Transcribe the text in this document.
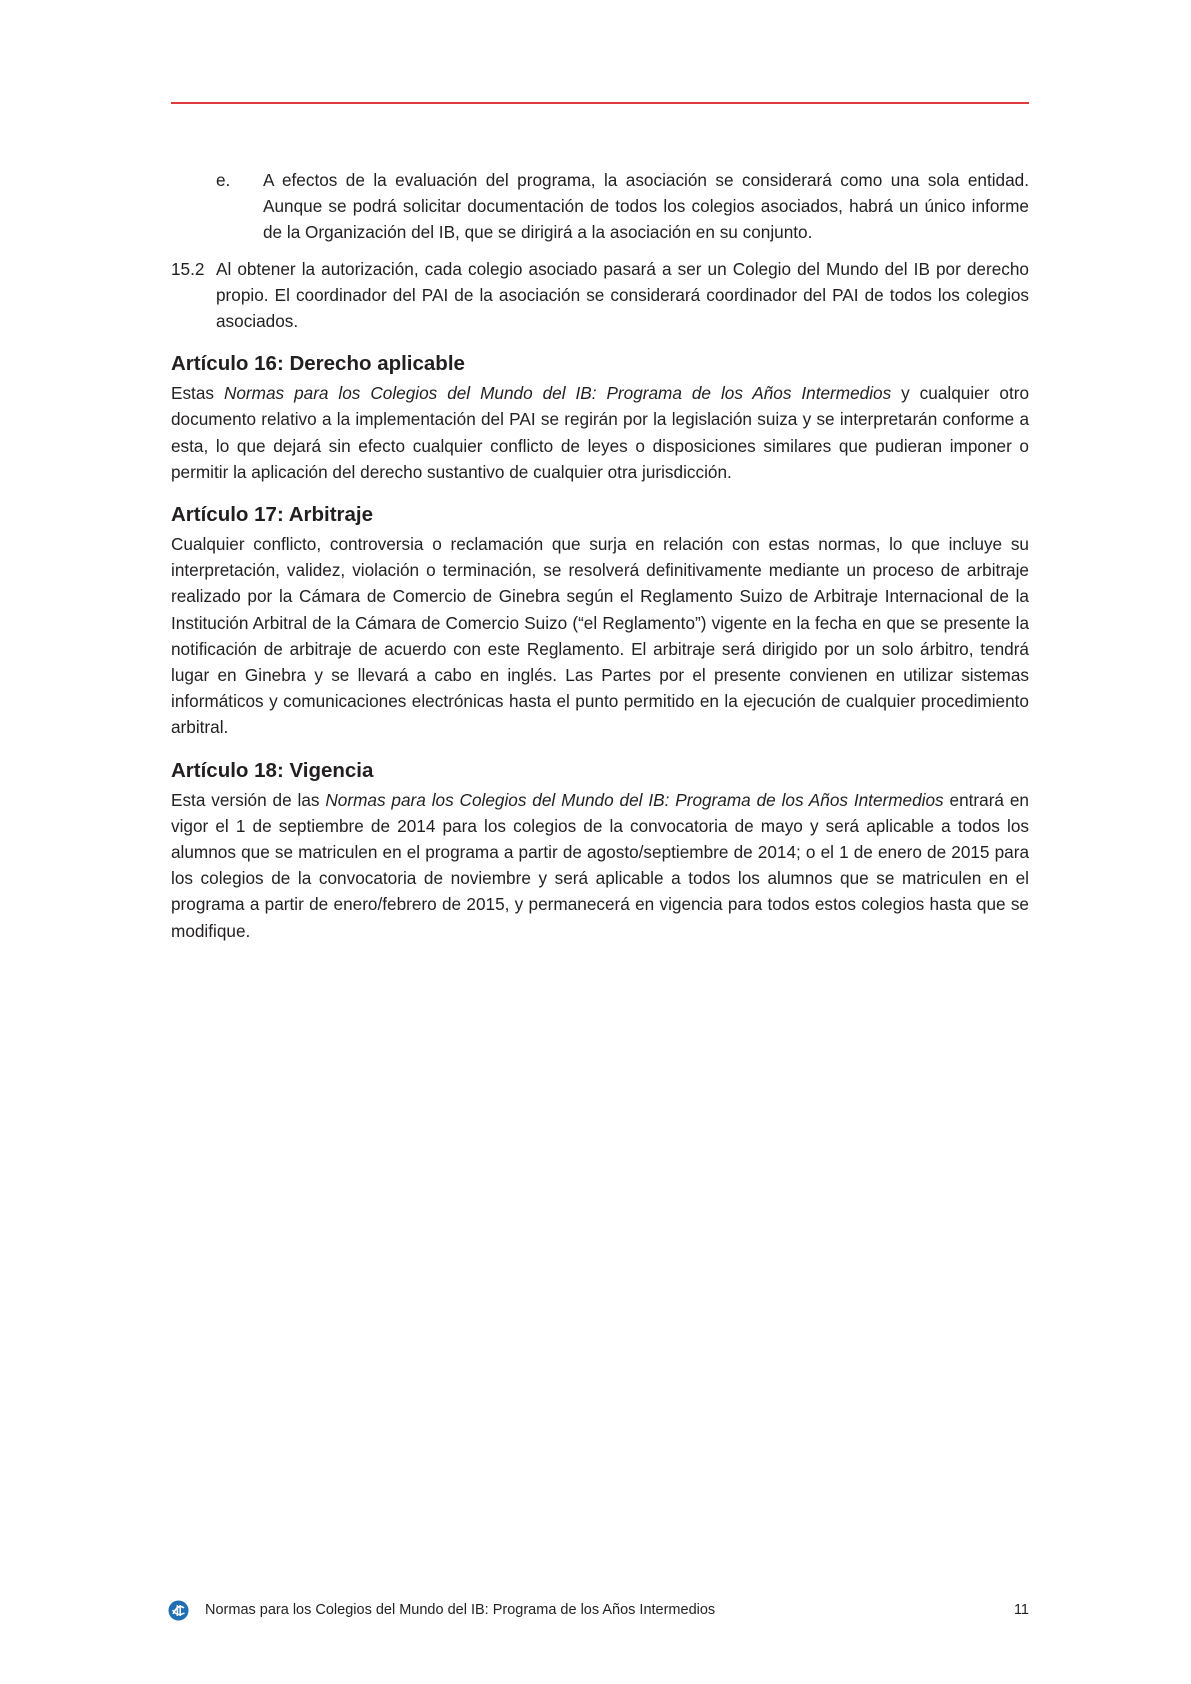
e.	A efectos de la evaluación del programa, la asociación se considerará como una sola entidad. Aunque se podrá solicitar documentación de todos los colegios asociados, habrá un único informe de la Organización del IB, que se dirigirá a la asociación en su conjunto.
15.2 Al obtener la autorización, cada colegio asociado pasará a ser un Colegio del Mundo del IB por derecho propio. El coordinador del PAI de la asociación se considerará coordinador del PAI de todos los colegios asociados.
Artículo 16: Derecho aplicable

Estas Normas para los Colegios del Mundo del IB: Programa de los Años Intermedios y cualquier otro documento relativo a la implementación del PAI se regirán por la legislación suiza y se interpretarán conforme a esta, lo que dejará sin efecto cualquier conflicto de leyes o disposiciones similares que pudieran imponer o permitir la aplicación del derecho sustantivo de cualquier otra jurisdicción.

Artículo 17: Arbitraje

Cualquier conflicto, controversia o reclamación que surja en relación con estas normas, lo que incluye su interpretación, validez, violación o terminación, se resolverá definitivamente mediante un proceso de arbitraje realizado por la Cámara de Comercio de Ginebra según el Reglamento Suizo de Arbitraje Internacional de la Institución Arbitral de la Cámara de Comercio Suizo (“el Reglamento”) vigente en la fecha en que se presente la notificación de arbitraje de acuerdo con este Reglamento. El arbitraje será dirigido por un solo árbitro, tendrá lugar en Ginebra y se llevará a cabo en inglés. Las Partes por el presente convienen en utilizar sistemas informáticos y comunicaciones electrónicas hasta el punto permitido en la ejecución de cualquier procedimiento arbitral.

Artículo 18: Vigencia

Esta versión de las Normas para los Colegios del Mundo del IB: Programa de los Años Intermedios entrará en vigor el 1 de septiembre de 2014 para los colegios de la convocatoria de mayo y será aplicable a todos los alumnos que se matriculen en el programa a partir de agosto/septiembre de 2014; o el 1 de enero de 2015 para los colegios de la convocatoria de noviembre y será aplicable a todos los alumnos que se matriculen en el programa a partir de enero/febrero de 2015, y permanecerá en vigencia para todos estos colegios hasta que se modifique.

Normas para los Colegios del Mundo del IB: Programa de los Años Intermedios	11
